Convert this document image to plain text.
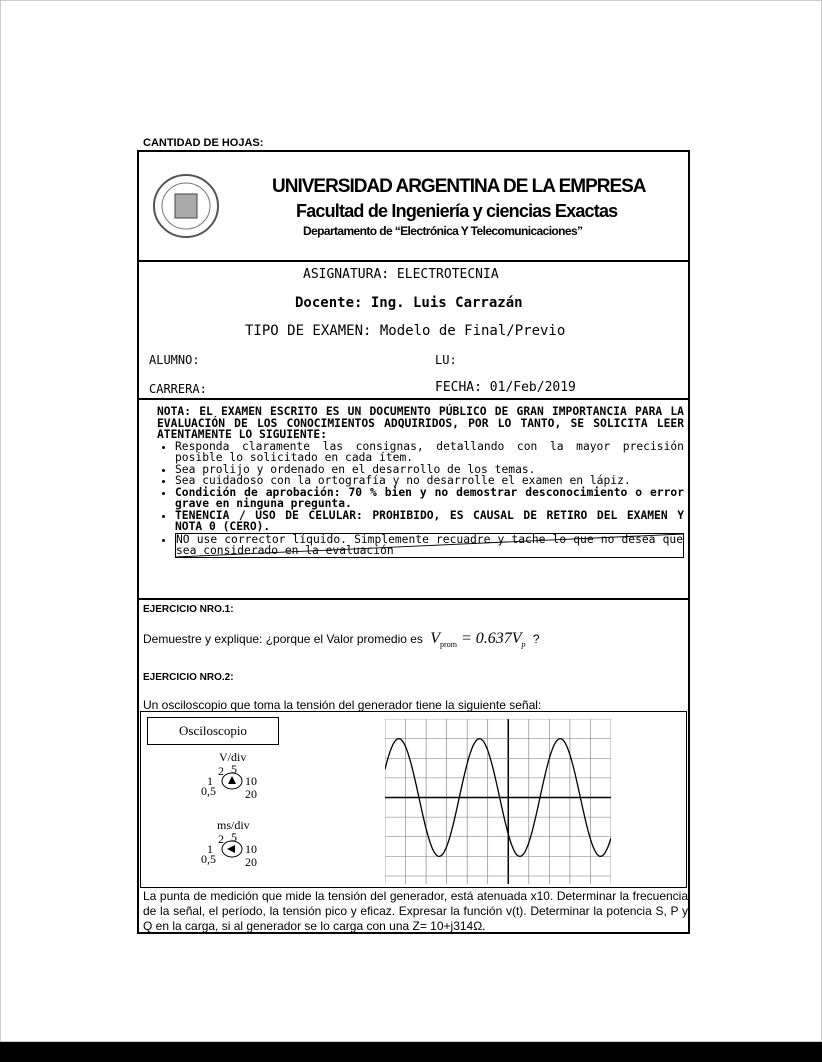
CANTIDAD DE HOJAS:
UNIVERSIDAD ARGENTINA DE LA EMPRESA
Facultad de Ingeniería y ciencias Exactas
Departamento de “Electrónica Y Telecomunicaciones”
ASIGNATURA: ELECTROTECNIA
Docente: Ing. Luis Carrazán
TIPO DE EXAMEN: Modelo de Final/Previo
ALUMNO:	LU:
CARRERA:	FECHA: 01/Feb/2019
NOTA: EL EXAMEN ESCRITO ES UN DOCUMENTO PÚBLICO DE GRAN IMPORTANCIA PARA LA EVALUACIÓN DE LOS CONOCIMIENTOS ADQUIRIDOS, POR LO TANTO, SE SOLICITA LEER ATENTAMENTE LO SIGUIENTE:
• Responda claramente las consignas, detallando con la mayor precisión posible lo solicitado en cada ítem.
• Sea prolijo y ordenado en el desarrollo de los temas.
• Sea cuidadoso con la ortografía y no desarrolle el examen en lápiz.
• Condición de aprobación: 70 % bien y no demostrar desconocimiento o error grave en ninguna pregunta.
• TENENCIA / USO DE CELULAR: PROHIBIDO, ES CAUSAL DE RETIRO DEL EXAMEN Y NOTA 0 (CERO).
• NO use corrector líquido. Simplemente recuadre y tache lo que no desea que sea considerado en la evaluación
EJERCICIO NRO.1:
Demuestre y explique: ¿porque el Valor promedio es $V_{prom} = 0.637V_p$ ?
EJERCICIO NRO.2:
Un osciloscopio que toma la tensión del generador tiene la siguiente señal:
Osciloscopio
V/div
2 5
1
0,5
10
20
ms/div
2 5
1
0,5
10
20
La punta de medición que mide la tensión del generador, está atenuada x10. Determinar la frecuencia de la señal, el período, la tensión pico y eficaz. Expresar la función v(t). Determinar la potencia S, P y Q en la carga, si al generador se lo carga con una Z= 10+j314Ω.
